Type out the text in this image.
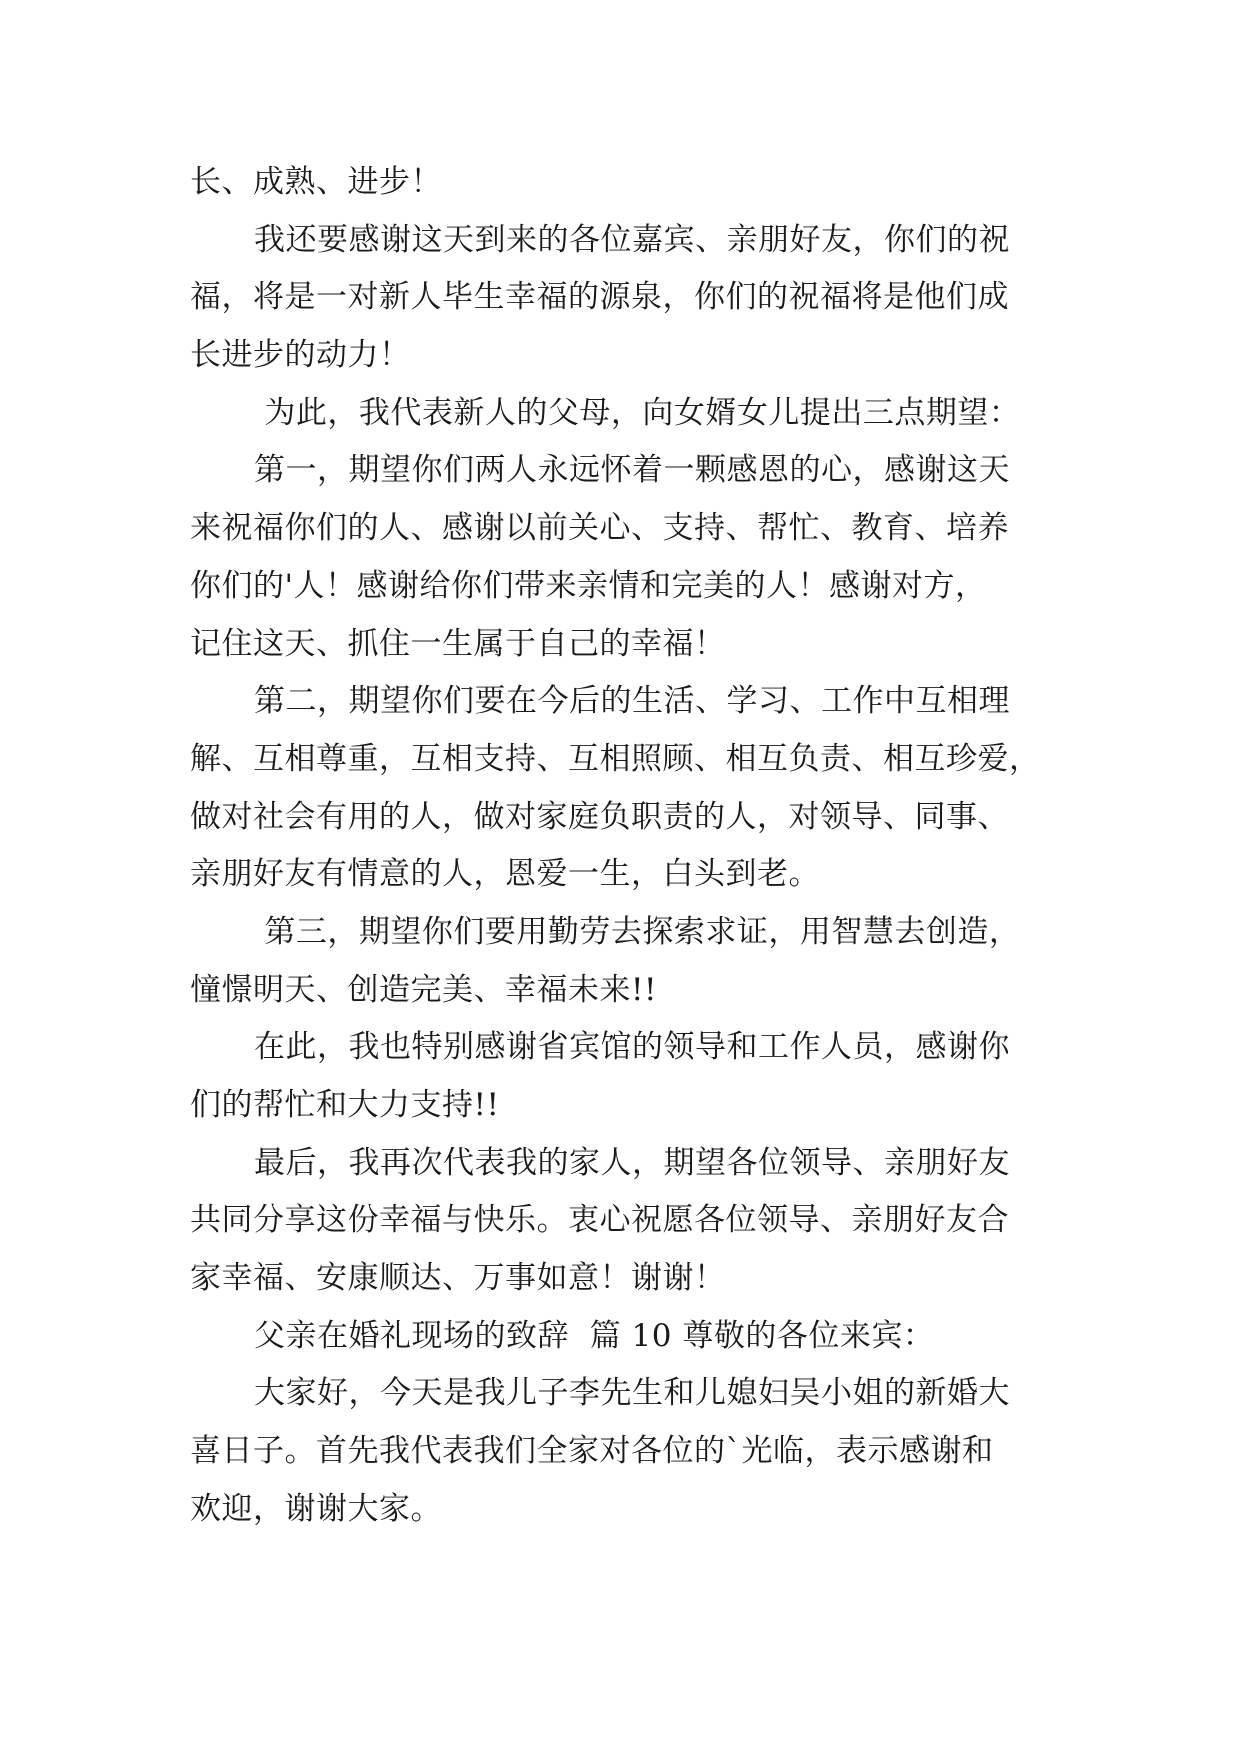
长、成熟、进步！
我还要感谢这天到来的各位嘉宾、亲朋好友，你们的祝
福，将是一对新人毕生幸福的源泉，你们的祝福将是他们成
长进步的动力！
为此，我代表新人的父母，向女婿女儿提出三点期望：
第一，期望你们两人永远怀着一颗感恩的心，感谢这天
来祝福你们的人、感谢以前关心、支持、帮忙、教育、培养
你们的'人！感谢给你们带来亲情和完美的人！感谢对方，
记住这天、抓住一生属于自己的幸福！
第二，期望你们要在今后的生活、学习、工作中互相理
解、互相尊重，互相支持、互相照顾、相互负责、相互珍爱，
做对社会有用的人，做对家庭负职责的人，对领导、同事、
亲朋好友有情意的人，恩爱一生，白头到老。
第三，期望你们要用勤劳去探索求证，用智慧去创造，
憧憬明天、创造完美、幸福未来!!
在此，我也特别感谢省宾馆的领导和工作人员，感谢你
们的帮忙和大力支持!!
最后，我再次代表我的家人，期望各位领导、亲朋好友
共同分享这份幸福与快乐。衷心祝愿各位领导、亲朋好友合
家幸福、安康顺达、万事如意！谢谢！
父亲在婚礼现场的致辞  篇 10 尊敬的各位来宾：
大家好，今天是我儿子李先生和儿媳妇吴小姐的新婚大
喜日子。首先我代表我们全家对各位的`光临，表示感谢和
欢迎，谢谢大家。
